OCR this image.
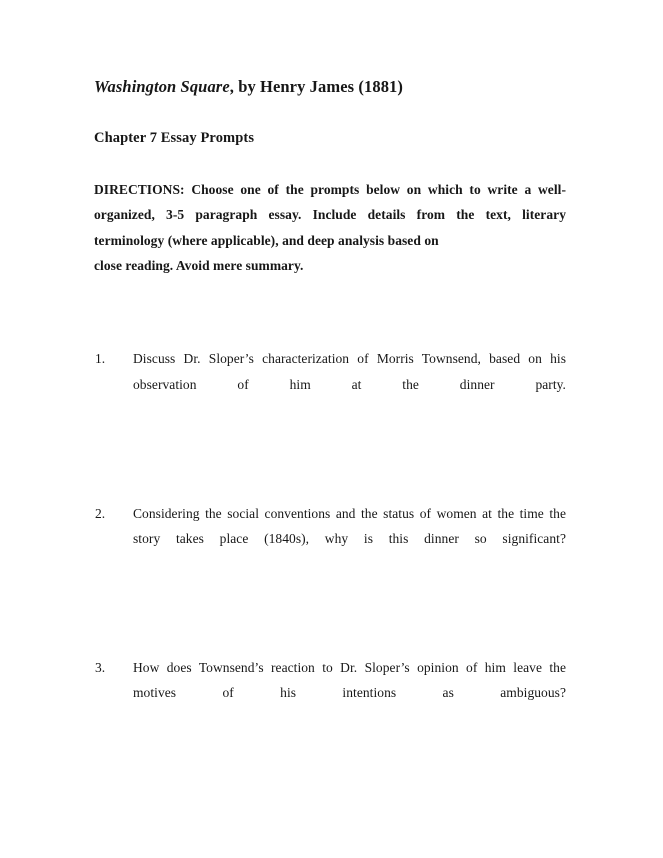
Washington Square, by Henry James (1881)
Chapter 7 Essay Prompts

DIRECTIONS: Choose one of the prompts below on which to write a well-organized, 3-5 paragraph essay. Include details from the text, literary terminology (where applicable), and deep analysis based on
close reading. Avoid mere summary.

1.	Discuss Dr. Sloper’s characterization of Morris Townsend, based on his observation of him at the dinner party.
2.	Considering the social conventions and the status of women at the time the story takes place (1840s), why is this dinner so significant?
3.	How does Townsend’s reaction to Dr. Sloper’s opinion of him leave the motives of his intentions as ambiguous?
